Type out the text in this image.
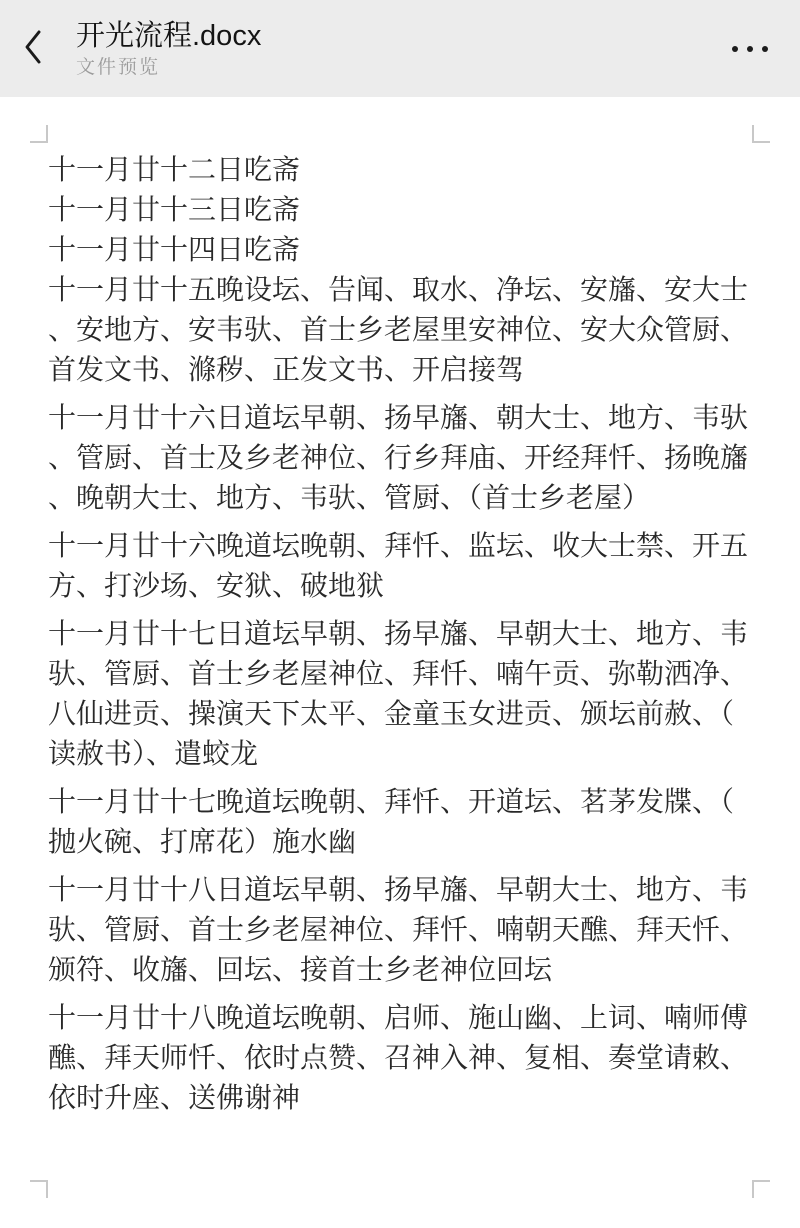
开光流程.docx
文件预览

十一月廿十二日吃斋

十一月廿十三日吃斋

十一月廿十四日吃斋

十一月廿十五晚设坛、告闻、取水、净坛、安旛、安大士
、安地方、安韦驮、首士乡老屋里安神位、安大众管厨、
首发文书、滌秽、正发文书、开启接驾

十一月廿十六日道坛早朝、扬早旛、朝大士、地方、韦驮
、管厨、首士及乡老神位、行乡拜庙、开经拜忏、扬晚旛
、晚朝大士、地方、韦驮、管厨、（首士乡老屋）

十一月廿十六晚道坛晚朝、拜忏、监坛、收大士禁、开五
方、打沙场、安狱、破地狱

十一月廿十七日道坛早朝、扬早旛、早朝大士、地方、韦
驮、管厨、首士乡老屋神位、拜忏、喃午贡、弥勒洒净、
八仙进贡、操演天下太平、金童玉女进贡、颁坛前赦、（
读赦书）、遣蛟龙

十一月廿十七晚道坛晚朝、拜忏、开道坛、茗茅发牒、（
抛火碗、打席花）施水幽

十一月廿十八日道坛早朝、扬早旛、早朝大士、地方、韦
驮、管厨、首士乡老屋神位、拜忏、喃朝天醮、拜天忏、
颁符、收旛、回坛、接首士乡老神位回坛

十一月廿十八晚道坛晚朝、启师、施山幽、上词、喃师傅
醮、拜天师忏、依时点赞、召神入神、复相、奏堂请敕、
依时升座、送佛谢神
